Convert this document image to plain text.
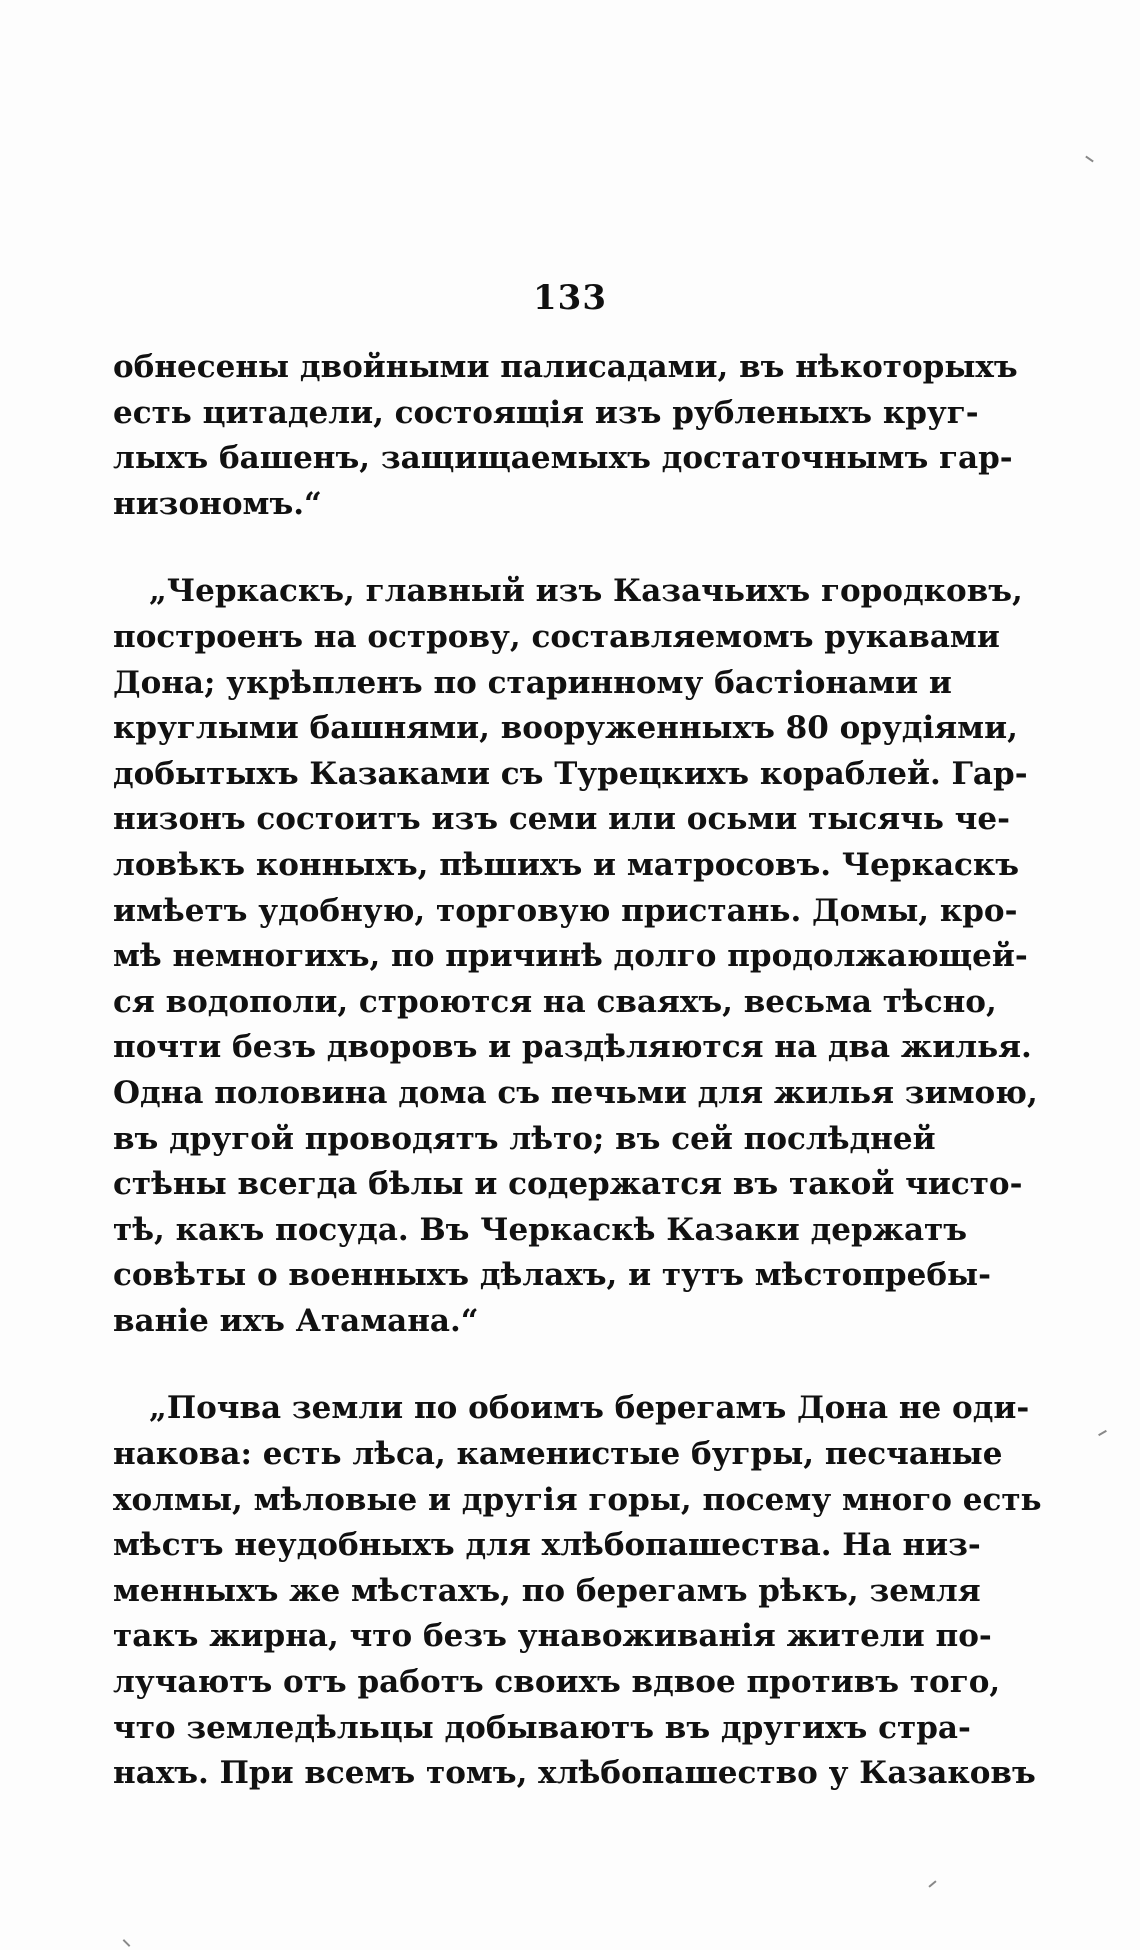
133
обнесены двойными палисадами, въ нѣкоторыхъ
есть цитадели, состоящія изъ рубленыхъ круг-
лыхъ башенъ, защищаемыхъ достаточнымъ гар-
низономъ.“
„Черкаскъ, главный изъ Казачьихъ городковъ,
построенъ на острову, составляемомъ рукавами
Дона; укрѣпленъ по старинному бастіонами и
круглыми башнями, вооруженныхъ 80 орудіями,
добытыхъ Казаками съ Турецкихъ кораблей. Гар-
низонъ состоитъ изъ семи или осьми тысячь че-
ловѣкъ конныхъ, пѣшихъ и матросовъ. Черкаскъ
имѣетъ удобную, торговую пристань. Домы, кро-
мѣ немногихъ, по причинѣ долго продолжающей-
ся водополи, строются на сваяхъ, весьма тѣсно,
почти безъ дворовъ и раздѣляются на два жилья.
Одна половина дома съ печьми для жилья зимою,
въ другой проводятъ лѣто; въ сей послѣдней
стѣны всегда бѣлы и содержатся въ такой чисто-
тѣ, какъ посуда. Въ Черкаскѣ Казаки держатъ
совѣты о военныхъ дѣлахъ, и тутъ мѣстопребы-
ваніе ихъ Атамана.“
„Почва земли по обоимъ берегамъ Дона не оди-
накова: есть лѣса, каменистые бугры, песчаные
холмы, мѣловые и другія горы, посему много есть
мѣстъ неудобныхъ для хлѣбопашества. На низ-
менныхъ же мѣстахъ, по берегамъ рѣкъ, земля
такъ жирна, что безъ унавоживанія жители по-
лучаютъ отъ работъ своихъ вдвое противъ того,
что земледѣльцы добываютъ въ другихъ стра-
нахъ. При всемъ томъ, хлѣбопашество у Казаковъ
